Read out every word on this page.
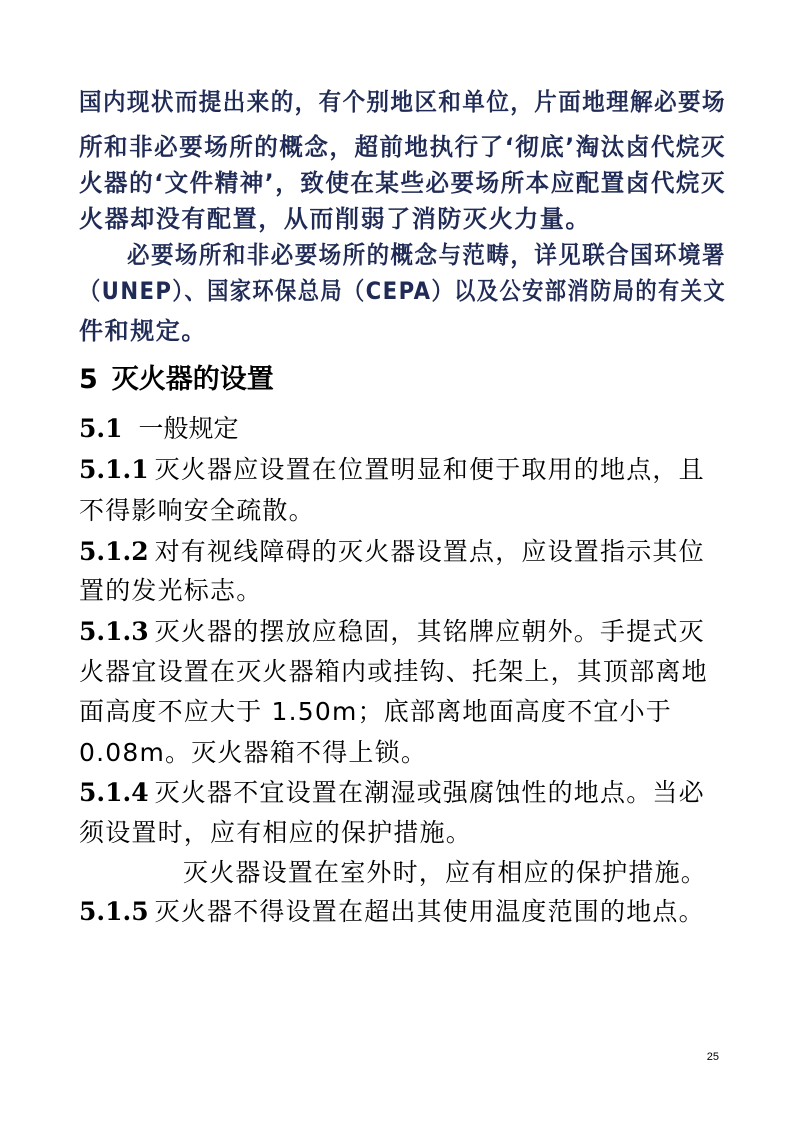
国内现状而提出来的，有个别地区和单位，片面地理解必要场
所和非必要场所的概念，超前地执行了‘彻底’淘汰卤代烷灭
火器的‘文件精神’，致使在某些必要场所本应配置卤代烷灭
火器却没有配置，从而削弱了消防灭火力量。
必要场所和非必要场所的概念与范畴，详见联合国环境署
（UNEP）、国家环保总局（CEPA）以及公安部消防局的有关文
件和规定。
5 灭火器的设置
5.1 一般规定
5.1.1 灭火器应设置在位置明显和便于取用的地点，且
不得影响安全疏散。
5.1.2 对有视线障碍的灭火器设置点，应设置指示其位
置的发光标志。
5.1.3 灭火器的摆放应稳固，其铭牌应朝外。手提式灭
火器宜设置在灭火器箱内或挂钩、托架上，其顶部离地
面高度不应大于 1.50m；底部离地面高度不宜小于
0.08m。灭火器箱不得上锁。
5.1.4 灭火器不宜设置在潮湿或强腐蚀性的地点。当必
须设置时，应有相应的保护措施。
灭火器设置在室外时，应有相应的保护措施。
5.1.5 灭火器不得设置在超出其使用温度范围的地点。
25
